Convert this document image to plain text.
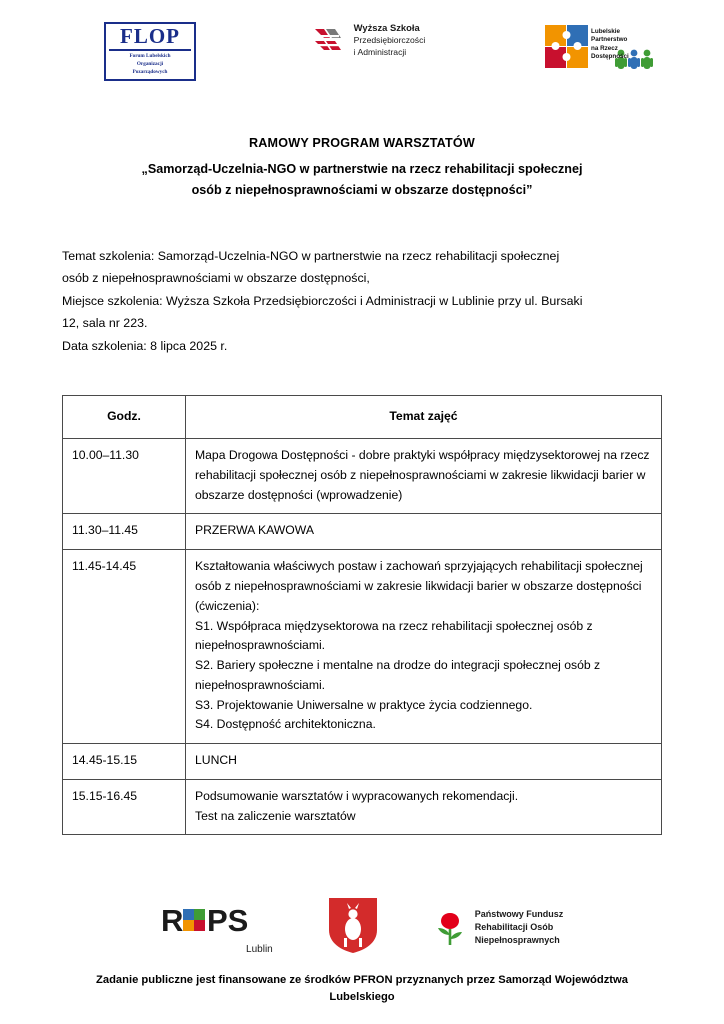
FLOP
Forum Lubelskich
Organizacji
Pozarządowych
Wyższa Szkoła
Przedsiębiorczości
i Administracji
Lubelskie
Partnerstwo
na Rzecz
Dostępności
RAMOWY PROGRAM WARSZTATÓW
„Samorząd-Uczelnia-NGO w partnerstwie na rzecz rehabilitacji społecznej
osób z niepełnosprawnościami w obszarze dostępności”
Temat szkolenia: Samorząd-Uczelnia-NGO w partnerstwie na rzecz rehabilitacji społecznej
osób z niepełnosprawnościami w obszarze dostępności,
Miejsce szkolenia: Wyższa Szkoła Przedsiębiorczości i Administracji w Lublinie przy ul. Bursaki
12, sala nr 223.
Data szkolenia: 8 lipca 2025 r.
Godz.	Temat zajęć
10.00–11.30	Mapa Drogowa Dostępności - dobre praktyki współpracy międzysektorowej na rzecz rehabilitacji społecznej osób z niepełnosprawnościami w zakresie likwidacji barier w obszarze dostępności (wprowadzenie)
11.30–11.45	PRZERWA KAWOWA
11.45-14.45	Kształtowania właściwych postaw i zachowań sprzyjających rehabilitacji społecznej osób z niepełnosprawnościami w zakresie likwidacji barier w obszarze dostępności (ćwiczenia):
S1. Współpraca międzysektorowa na rzecz rehabilitacji społecznej osób z niepełnosprawnościami.
S2. Bariery społeczne i mentalne na drodze do integracji społecznej osób z niepełnosprawnościami.
S3. Projektowanie Uniwersalne w praktyce życia codziennego.
S4. Dostępność architektoniczna.
14.45-15.15	LUNCH
15.15-16.45	Podsumowanie warsztatów i wypracowanych rekomendacji.
Test na zaliczenie warsztatów
R PS
Lublin
Państwowy Fundusz
Rehabilitacji Osób
Niepełnosprawnych
Zadanie publiczne jest finansowane ze środków PFRON przyznanych przez Samorząd Województwa Lubelskiego
